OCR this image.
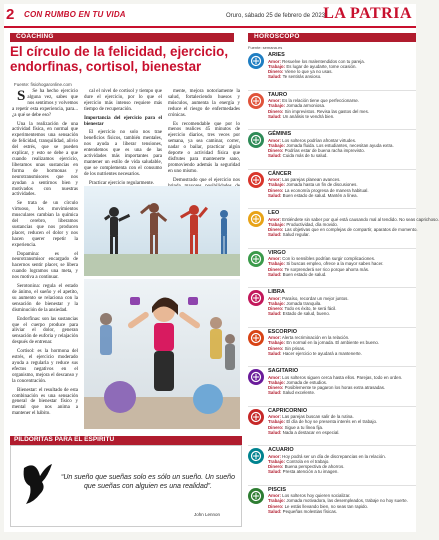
2 CON RUMBO EN TU VIDA	Oruro, sábado 25 de febrero de 2023
LA PATRIA
COACHING
El círculo de la felicidad, ejercicio, endorfinas, cortisol, bienestar
Fuente: fisiohogaronline.com

S Se ha hecho ejercicio alguna vez, sabes que nos sentimos y volvemos a repetir esta experiencia, para... ¿a qué se debe eso?

Una la realización de una actividad física, en normal que experimentemos una sensación de felicidad, tranquilidad, alivio del estrés, que se pueden explicar, y esto se debe a que cuando realizamos ejercicio, liberamos unas sustancias en forma de hormonas y neurotransmisores que nos ayudan a sentirnos bien y motivados con nuestras actividades.

Se trata de un círculo virtuoso, los movimientos musculares cambian la química del cerebro, liberamos sustancias que nos producen placer, reducen el dolor y nos hacen querer repetir la experiencia.

Dopamina: es el neurotransmisor encargado de hacernos sentir placer, se libera cuando logramos una meta, y nos motiva a continuar.

Serotonina: regula el estado de ánimo, el sueño y el apetito, su aumento se relaciona con la sensación de bienestar y la disminución de la ansiedad.

Endorfinas: son las sustancias que el cuerpo produce para aliviar el dolor, generan sensación de euforia y relajación después de entrenar.

Cortisol: es la hormona del estrés, el ejercicio moderado ayuda a regularla y reduce sus efectos negativos en el organismo, mejora el descanso y la concentración.

Bienestar: el resultado de esta combinación es una sensación general de bienestar físico y mental que nos anima a mantener el hábito.

cal el nivel de cortisol y tiempo que dure el ejercicio, por lo que el ejercicio más intenso requiere más tiempo de recuperación.

Importancia del ejercicio para el bienestar

El ejercicio no solo nos trae beneficios físicos, también mentales, nos ayuda a liberar tensiones, entendemos que es una de las actividades más importantes para mantener un estilo de vida saludable, que se complementa con el consumo de los nutrientes necesarios.

Practicar ejercicio regularmente.

mente, mejora notoriamente la salud, fortaleciendo huesos y músculos, aumenta la energía y reduce el riesgo de enfermedades crónicas.

Es recomendable que por lo menos realices 45 minutos de ejercicio diarios, tres veces por semana, ya sea caminar, correr, nadar o bailar, practicar algún deporte o actividad física que disfrutes para mantenerte sano, promoviendo además la seguridad en uno mismo.

Demostrado que el ejercicio nos

PILDORITAS PARA EL ESPIRITU
“Un sueño que sueñas solo es sólo un sueño. Un sueño que sueñas con alguien es una realidad”.
John Lennon
HORÓSCOPO
Fuente: semana.es
ARIES
Amor: Resuelve los malentendidos con tu pareja.
Trabajo: Es lugar de ayudarte, tome ocasión.
Dinero: Viene lo que ya no usas.
Salud: Te sentirás ansioso.
TAURO
Amor: Es la relación tiene que perfeccionarse.
Trabajo: Jornada armoniosa.
Dinero: Sin imprevistos. Revisa las gastos del mes.
Salud: Un análisis te vendrá bien.
GÉMINIS
Amor: Los solteros podrían afrontar virtudes.
Trabajo: Jornada fluida. Los estudiantes, necesitan ayuda extra.
Dinero: Podrías estar de buena racha imprevisto.
Salud: Cuida más de tu salud.
CÁNCER
Amor: Las parejas planean avances.
Trabajo: Jornada hasta un fin de discusiones.
Dinero: La economía progresa de manera habitual.
Salud: Buen estado de salud. Mantén a línea.
LEO
Amor: Entiéndete sin saber por qué está causando mal al tendido. No seas caprichoso.
Trabajo: Productividad, día movido.
Dinero: Las objetivas que en complejas de compartir, aparatos de momento.
Salud: Salud regular.
VIRGO
Amor: Con lo sensibles podrían surgir complicaciones.
Trabajo: Si buscas empleo, ofrece a la mayor sabes hacer.
Dinero: Te sorprenderá ser rico porque ahorra más.
Salud: Buen estado de salud.
LIBRA
Amor: Paraíso, recordar un mejor juntos.
Trabajo: Jornada tranquila.
Dinero: Todo es éxito, te será fácil.
Salud: Estado de salud, bueno.
ESCORPIO
Amor: Alerta recriminación en la relación.
Trabajo: En normal en la jornada. El ambiente es bueno.
Dinero: Sin prisas.
Salud: Hacer ejercicio te ayudará a mantenerte.
SAGITARIO
Amor: Los solteros siguen cerca hasta ellos. Parejas, todo en orden.
Trabajo: Jornada de estudios.
Dinero: Posiblemente te pagaron los horas extra atrasadas.
Salud: Salud excelente.
CAPRICORNIO
Amor: Las parejas buscan salir de la rutina.
Trabajo: El día de hoy se presenta interés en el trabajo.
Dinero: Sigue a tu línea fija.
Salud: Nada a destacar en especial.
ACUARIO
Amor: Hoy podrá ser un día de discrepancias en la relación.
Trabajo: Controla en el trabajo.
Dinero: Buena perspectiva de ahorros.
Salud: Presta atención a tu imagen.
PISCIS
Amor: Los solteros hoy quieren socializar.
Trabajo: Jornada motivadora, las desempleados, trabaje no hoy suerte.
Dinero: Le estás llevando bien, no seas tan rapido.
Salud: Pequeñas molestias físicas.
